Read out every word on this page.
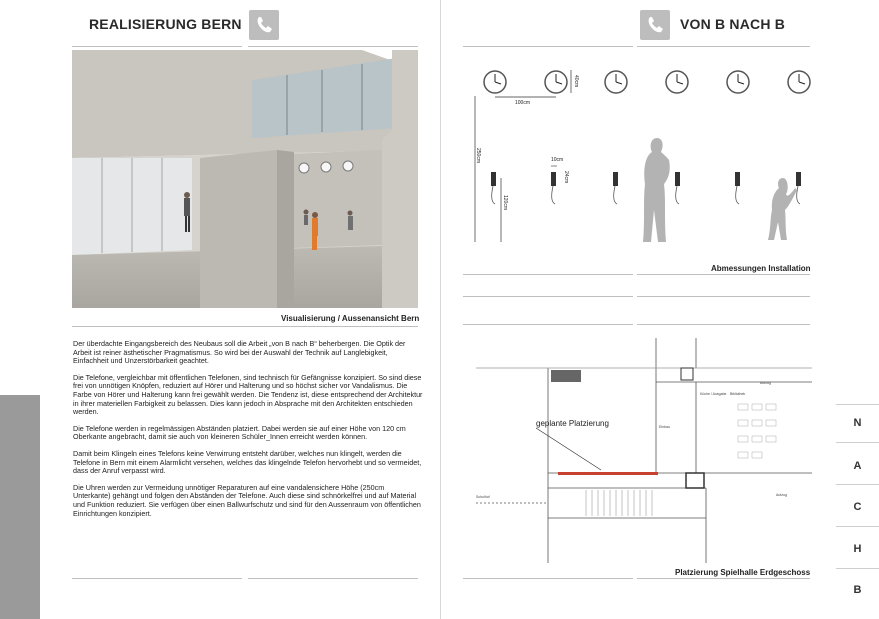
REALISIERUNG BERN
Visualisierung / Aussenansicht Bern

Der überdachte Eingangsbereich des Neubaus soll die Arbeit „von B nach B“ beherbergen. Die Optik der Arbeit ist reiner ästhetischer Pragmatismus. So wird bei der Auswahl der Technik auf Langlebigkeit, Einfachheit und Unzerstörbarkeit geachtet.

Die Telefone, vergleichbar mit öffentlichen Telefonen, sind technisch für Gefängnisse konzipiert. So sind diese frei von unnötigen Knöpfen, reduziert auf Hörer und Halterung und so höchst sicher vor Vandalismus. Die Farbe von Hörer und Halterung kann frei gewählt werden. Die Tendenz ist, diese entsprechend der Architektur in ihrer materiellen Farbigkeit zu belassen. Dies kann jedoch in Absprache mit den Architekten entschieden werden.

Die Telefone werden in regelmässigen Abständen platziert. Dabei werden sie auf einer Höhe von 120 cm Oberkante angebracht, damit sie auch von kleineren Schüler_Innen erreicht werden können.

Damit beim Klingeln eines Telefons keine Verwirrung entsteht darüber, welches nun klingelt, werden die Telefone in Bern mit einem Alarmlicht versehen, welches das klingelnde Telefon hervorhebt und so vermeidet, dass der Anruf verpasst wird.

Die Uhren werden zur Vermeidung unnötiger Reparaturen auf eine vandalensichere Höhe (250cm Unterkante) gehängt und folgen den Abständen der Telefone. Auch diese sind schnörkelfrei und auf Material und Funktion reduziert. Sie verfügen über einen Ballwurfschutz und sind für den Aussenraum von öffentlichen Einrichtungen konzipiert.

VON B NACH B
100cm
40cm
250cm
120cm
10cm
24cm
Abmessungen Installation
geplante Platzierung
Küche / Ausgabe Bibliothek
Einbau
Schulhof
Aufzug
Aufzug
Platzierung Spielhalle Erdgeschoss
N
A
C
H
B
